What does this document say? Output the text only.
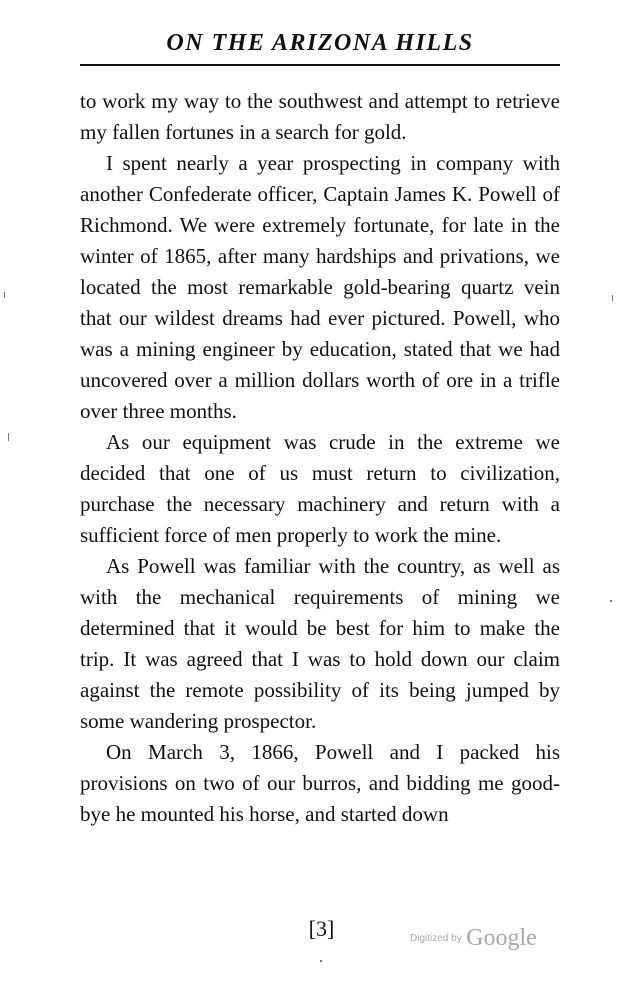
ON THE ARIZONA HILLS

to work my way to the southwest and attempt to retrieve my fallen fortunes in a search for gold.

I spent nearly a year prospecting in company with another Confederate officer, Captain James K. Powell of Richmond. We were extremely fortunate, for late in the winter of 1865, after many hardships and privations, we located the most remarkable gold-bearing quartz vein that our wildest dreams had ever pictured. Powell, who was a mining engineer by education, stated that we had uncovered over a million dollars worth of ore in a trifle over three months.

As our equipment was crude in the extreme we decided that one of us must return to civilization, purchase the necessary machinery and return with a sufficient force of men properly to work the mine.

As Powell was familiar with the country, as well as with the mechanical requirements of mining we determined that it would be best for him to make the trip. It was agreed that I was to hold down our claim against the remote possibility of its being jumped by some wandering prospector.

On March 3, 1866, Powell and I packed his provisions on two of our burros, and bidding me good-bye he mounted his horse, and started down

[3]	Digitized by Google
